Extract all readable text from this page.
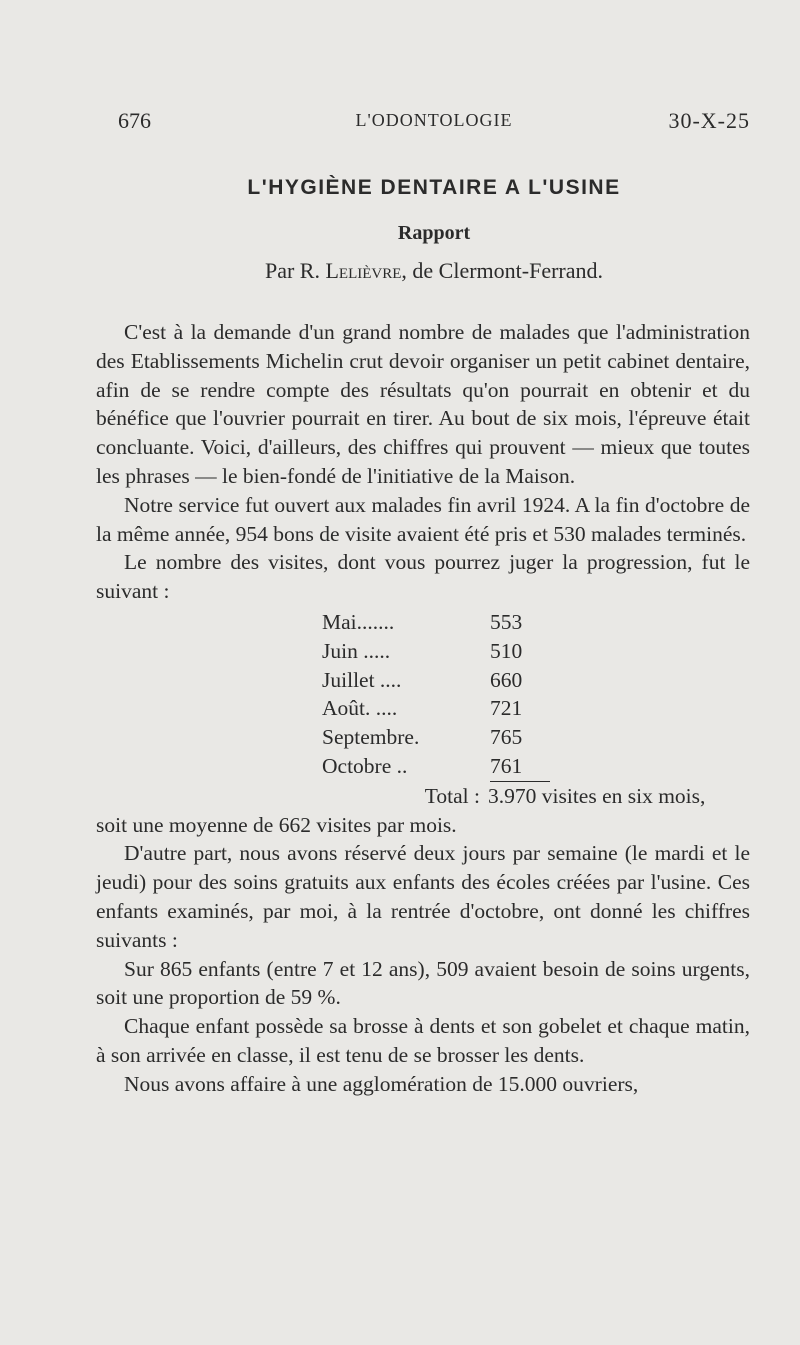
676	L'ODONTOLOGIE	30-X-25
L'HYGIÈNE DENTAIRE A L'USINE
Rapport
Par R. Lelièvre, de Clermont-Ferrand.

C'est à la demande d'un grand nombre de malades que l'administration des Etablissements Michelin crut devoir organiser un petit cabinet dentaire, afin de se rendre compte des résultats qu'on pourrait en obtenir et du bénéfice que l'ouvrier pourrait en tirer. Au bout de six mois, l'épreuve était concluante. Voici, d'ailleurs, des chiffres qui prouvent — mieux que toutes les phrases — le bien-fondé de l'initiative de la Maison.

Notre service fut ouvert aux malades fin avril 1924. A la fin d'octobre de la même année, 954 bons de visite avaient été pris et 530 malades terminés.

Le nombre des visites, dont vous pourrez juger la progression, fut le suivant :

Mai.......	553
Juin .....	510
Juillet ....	660
Août. ....	721
Septembre.	765
Octobre ..	761

Total : 3.970 visites en six mois,

soit une moyenne de 662 visites par mois.

D'autre part, nous avons réservé deux jours par semaine (le mardi et le jeudi) pour des soins gratuits aux enfants des écoles créées par l'usine. Ces enfants examinés, par moi, à la rentrée d'octobre, ont donné les chiffres suivants :

Sur 865 enfants (entre 7 et 12 ans), 509 avaient besoin de soins urgents, soit une proportion de 59 %.

Chaque enfant possède sa brosse à dents et son gobelet et chaque matin, à son arrivée en classe, il est tenu de se brosser les dents.

Nous avons affaire à une agglomération de 15.000 ouvriers,
